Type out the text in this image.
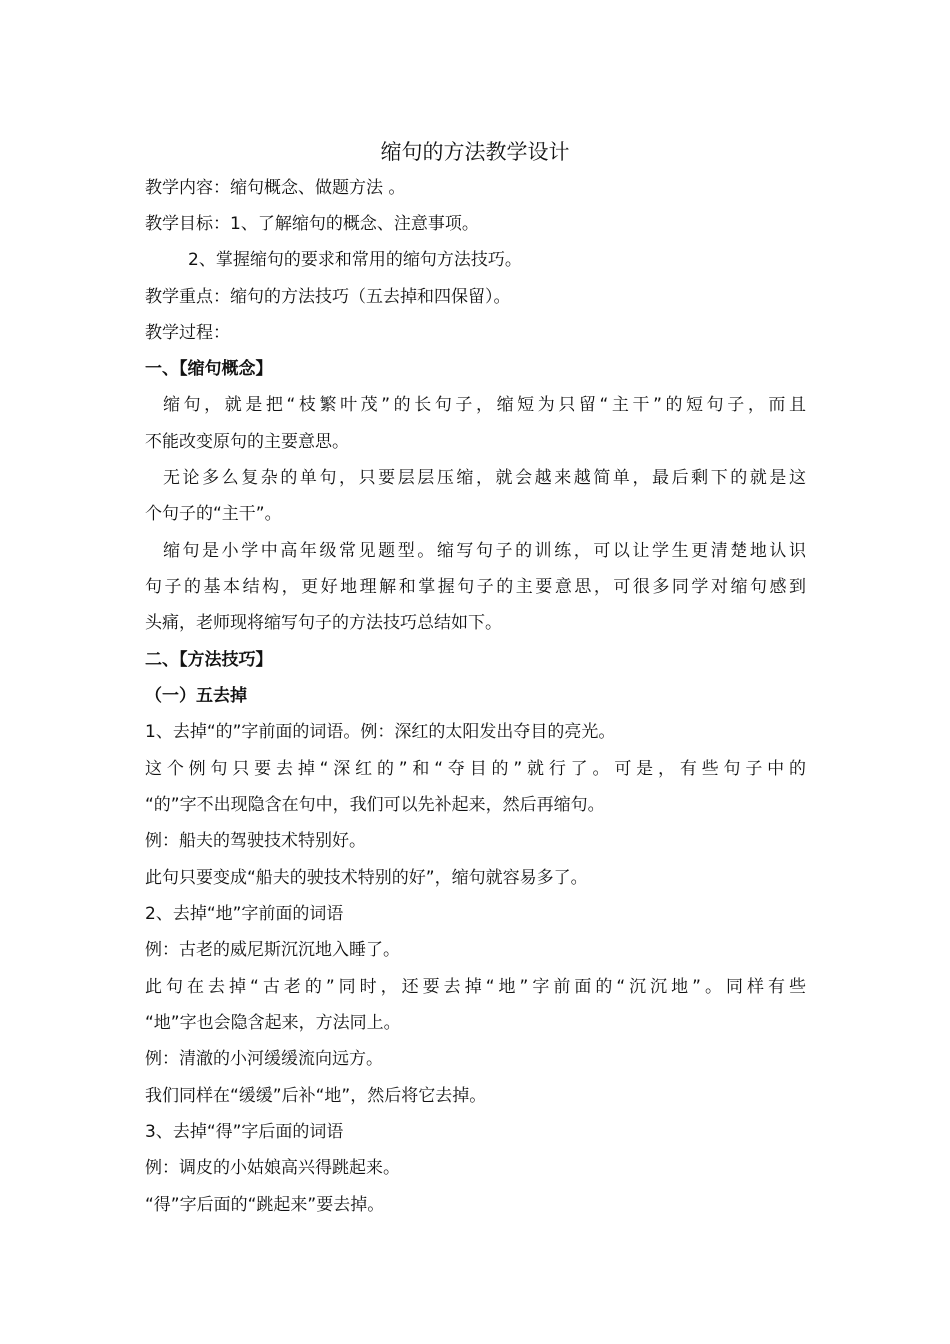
缩句的方法教学设计
教学内容：缩句概念、做题方法 。
教学目标：1、了解缩句的概念、注意事项。
2、掌握缩句的要求和常用的缩句方法技巧。
教学重点：缩句的方法技巧（五去掉和四保留）。
教学过程：
一、【缩句概念】
缩句，就是把“枝繁叶茂”的长句子，缩短为只留“主干”的短句子，而且
不能改变原句的主要意思。
无论多么复杂的单句，只要层层压缩，就会越来越简单，最后剩下的就是这
个句子的“主干”。
缩句是小学中高年级常见题型。缩写句子的训练，可以让学生更清楚地认识
句子的基本结构，更好地理解和掌握句子的主要意思，可很多同学对缩句感到
头痛，老师现将缩写句子的方法技巧总结如下。
二、【方法技巧】
（一）五去掉
1、去掉“的”字前面的词语。例：深红的太阳发出夺目的亮光。
这个例句只要去掉“深红的”和“夺目的”就行了。可是，有些句子中的
“的”字不出现隐含在句中，我们可以先补起来，然后再缩句。
例：船夫的驾驶技术特别好。
此句只要变成“船夫的驶技术特别的好”，缩句就容易多了。
2、去掉“地”字前面的词语
例：古老的威尼斯沉沉地入睡了。
此句在去掉“古老的”同时，还要去掉“地”字前面的“沉沉地”。同样有些
“地”字也会隐含起来，方法同上。
例：清澈的小河缓缓流向远方。
我们同样在“缓缓”后补“地”，然后将它去掉。
3、去掉“得”字后面的词语
例：调皮的小姑娘高兴得跳起来。
“得”字后面的“跳起来”要去掉。
